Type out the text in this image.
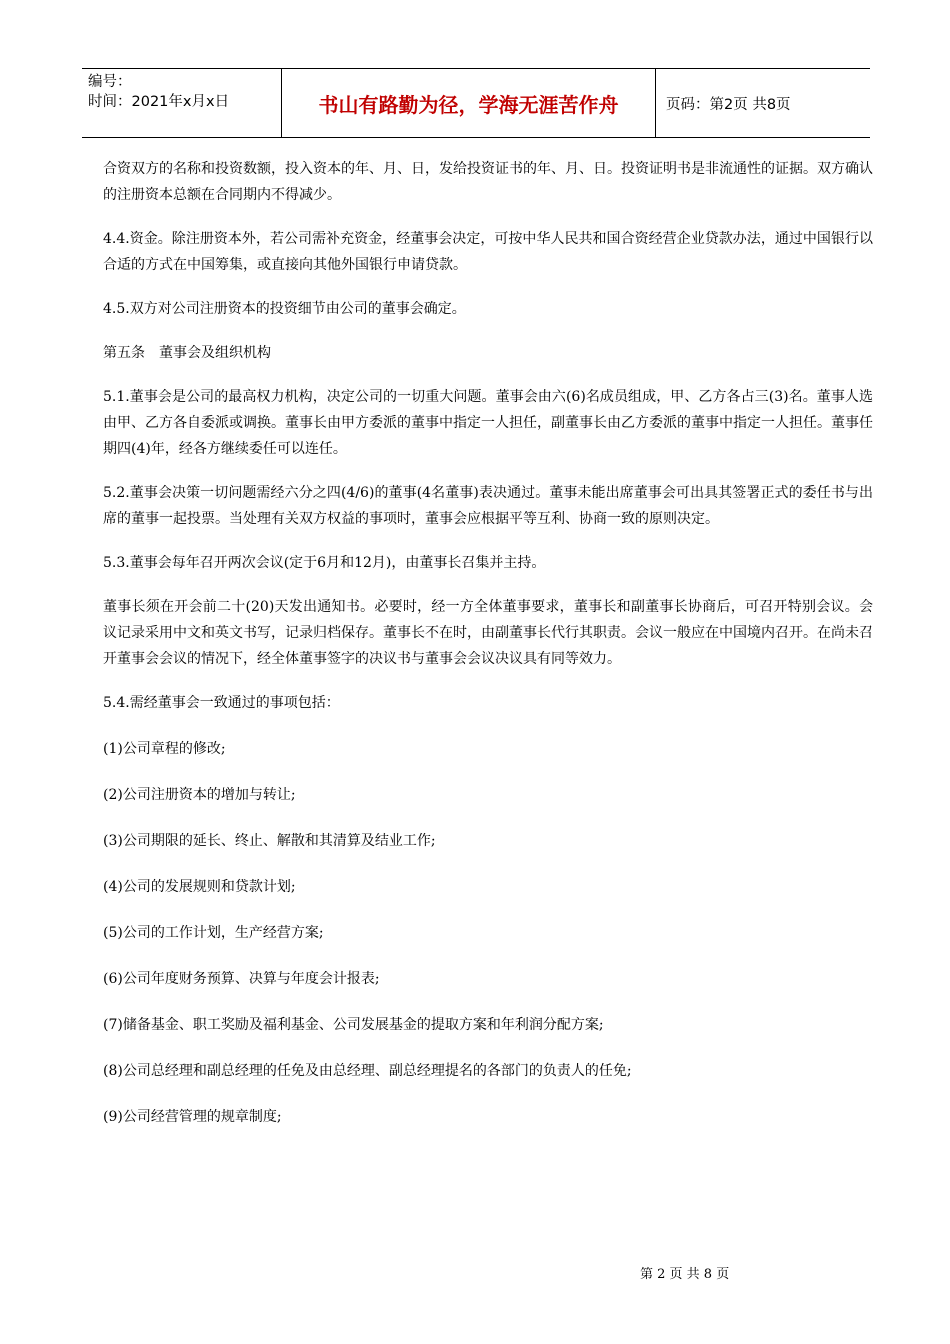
编号：
时间：2021年x月x日	书山有路勤为径，学海无涯苦作舟	页码：第2页 共8页

合资双方的名称和投资数额，投入资本的年、月、日，发给投资证书的年、月、日。投资证明书是非流通性的证据。双方确认的注册资本总额在合同期内不得减少。

4.4.资金。除注册资本外，若公司需补充资金，经董事会决定，可按中华人民共和国合资经营企业贷款办法，通过中国银行以合适的方式在中国筹集，或直接向其他外国银行申请贷款。

4.5.双方对公司注册资本的投资细节由公司的董事会确定。

第五条　董事会及组织机构

5.1.董事会是公司的最高权力机构，决定公司的一切重大问题。董事会由六(6)名成员组成，甲、乙方各占三(3)名。董事人选由甲、乙方各自委派或调换。董事长由甲方委派的董事中指定一人担任，副董事长由乙方委派的董事中指定一人担任。董事任期四(4)年，经各方继续委任可以连任。

5.2.董事会决策一切问题需经六分之四(4/6)的董事(4名董事)表决通过。董事未能出席董事会可出具其签署正式的委任书与出席的董事一起投票。当处理有关双方权益的事项时，董事会应根据平等互利、协商一致的原则决定。

5.3.董事会每年召开两次会议(定于6月和12月)，由董事长召集并主持。

董事长须在开会前二十(20)天发出通知书。必要时，经一方全体董事要求，董事长和副董事长协商后，可召开特别会议。会议记录采用中文和英文书写，记录归档保存。董事长不在时，由副董事长代行其职责。会议一般应在中国境内召开。在尚未召开董事会会议的情况下，经全体董事签字的决议书与董事会会议决议具有同等效力。

5.4.需经董事会一致通过的事项包括：

(1)公司章程的修改;

(2)公司注册资本的增加与转让;

(3)公司期限的延长、终止、解散和其清算及结业工作;

(4)公司的发展规则和贷款计划;

(5)公司的工作计划，生产经营方案;

(6)公司年度财务预算、决算与年度会计报表;

(7)储备基金、职工奖励及福利基金、公司发展基金的提取方案和年利润分配方案;

(8)公司总经理和副总经理的任免及由总经理、副总经理提名的各部门的负责人的任免;

(9)公司经营管理的规章制度;

第 2 页 共 8 页
